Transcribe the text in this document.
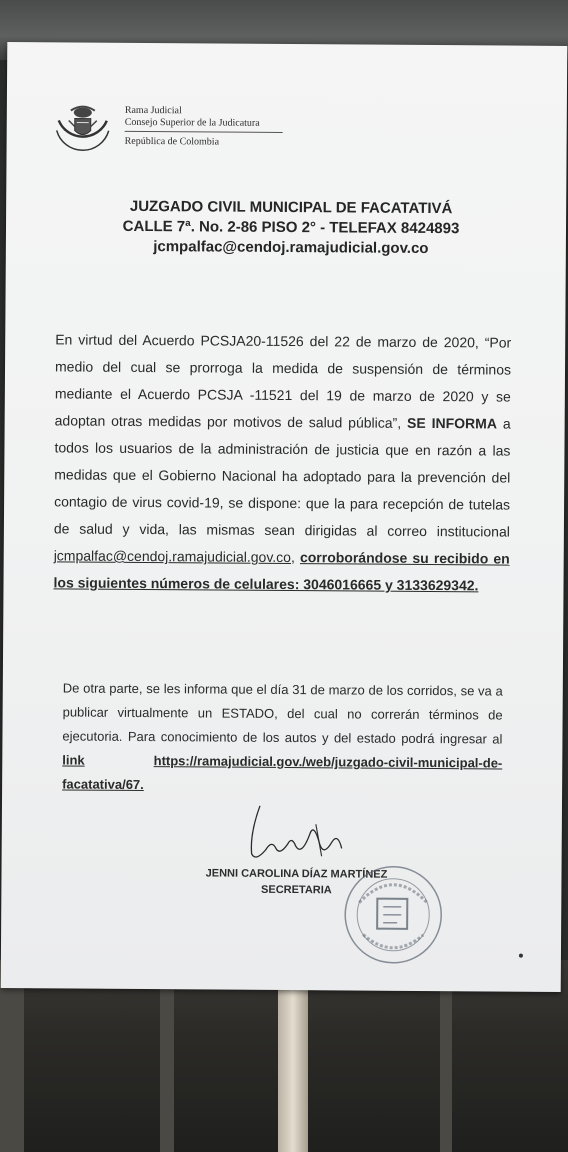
Rama Judicial
Consejo Superior de la Judicatura
República de Colombia
JUZGADO CIVIL MUNICIPAL DE FACATATIVÁ
CALLE 7ª. No. 2-86 PISO 2° - TELEFAX 8424893
jcmpalfac@cendoj.ramajudicial.gov.co
En virtud del Acuerdo PCSJA20-11526 del 22 de marzo de 2020, “Por medio del cual se prorroga la medida de suspensión de términos mediante el Acuerdo PCSJA -11521 del 19 de marzo de 2020 y se adoptan otras medidas por motivos de salud pública”, SE INFORMA a todos los usuarios de la administración de justicia que en razón a las medidas que el Gobierno Nacional ha adoptado para la prevención del contagio de virus covid-19, se dispone: que la para recepción de tutelas de salud y vida, las mismas sean dirigidas al correo institucional jcmpalfac@cendoj.ramajudicial.gov.co, corroborándose su recibido en los siguientes números de celulares: 3046016665 y 3133629342.
De otra parte, se les informa que el día 31 de marzo de los corridos, se va a publicar virtualmente un ESTADO, del cual no correrán términos de ejecutoria. Para conocimiento de los autos y del estado podrá ingresar al link	https://ramajudicial.gov./web/juzgado-civil-municipal-de-facatativa/67.
JENNI CAROLINA DÍAZ MARTÍNEZ
SECRETARIA
